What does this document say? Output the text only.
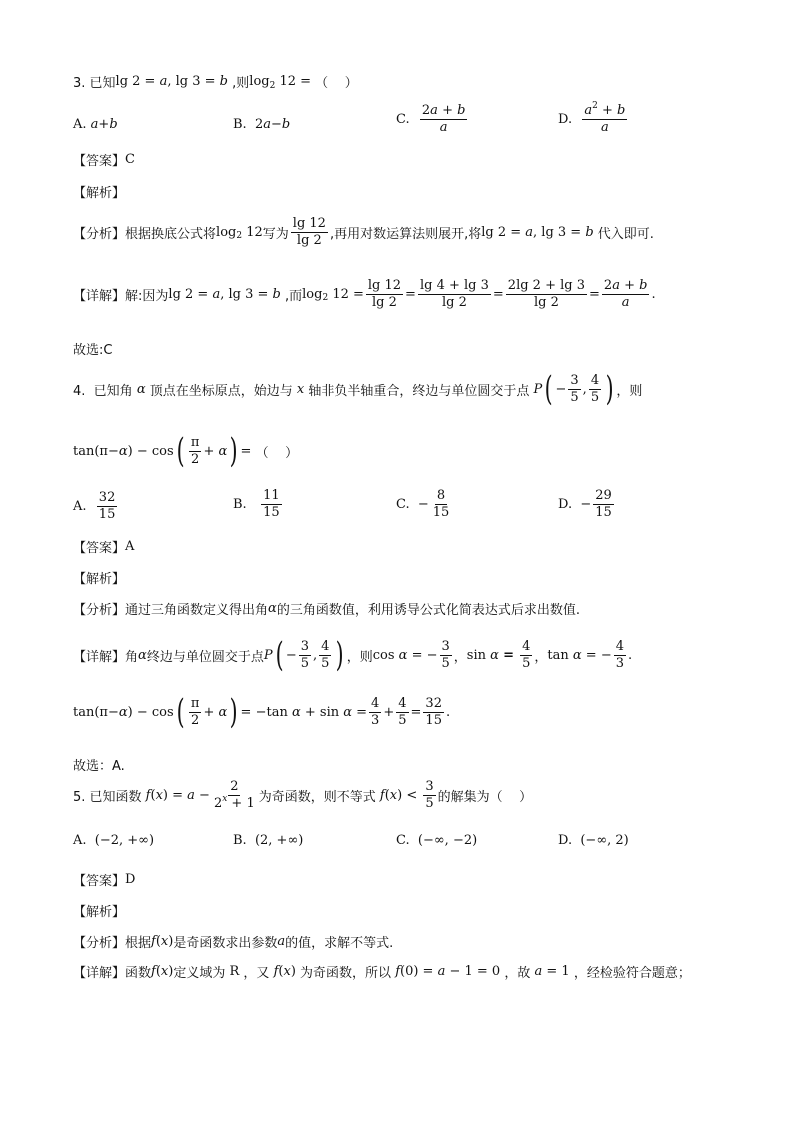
3. 已知 lg 2 = a , lg 3 = b
,则 log 2 12 = （    ）
A. a + b	B.  2 a − b	C. $\frac{2a + b}{a}$	D. $\frac{a^2 + b}{a}$
【答案】 C
【解析】
【分析】 根据换底公式将 log 2 12 写为 $\frac{\lg 12}{\lg 2}$ ,再用对数运算法则展开,将 lg 2 = a , lg 3 = b
代入即可.
【详解】 解:因为 lg 2 = a , lg 3 = b
,而 log 2 $12 = \frac{\lg 12}{\lg 2} = \frac{\lg 4 + \lg 3}{\lg 2} = \frac{2\lg 2 + \lg 3}{\lg 2} = \frac{2a + b}{a}$ .
故选:C
4.  已知角 α 顶点在坐标原点，始边与 x 轴非负半轴重合，终边与单位圆交于点 P ( − $\frac{3}{5}$ , $\frac{4}{5}$ ) ，则
tan(π− α ) − cos ( $\frac{\pi}{2} + \alpha$ ) = （    ）
A. $\frac{32}{15}$	B. $\frac{11}{15}$	C.  − $\frac{8}{15}$	D.  − $\frac{29}{15}$
【答案】 A
【解析】
【分析】 通过三角函数定义得出角 α 的三角函数值，利用诱导公式化简表达式后求出数值.
【详解】 角 α 终边与单位圆交于点 P ( − $\frac{3}{5}$ , $\frac{4}{5}$ ) ，则 cos α = − $\frac{3}{5}$ ， sin α
=
$\frac{4}{5}$ ， tan α = − $\frac{4}{3}$ .
tan(π− α ) − cos ( $\frac{\pi}{2} + \alpha$ ) = −tan $\alpha + \sin \alpha = \frac{4}{3} + \frac{4}{5} = \frac{32}{15}$ .
故选：A.
5. 已知函数 f ( x ) = $a - \frac{2}{2^x + 1}$ 为奇函数，则不等式 f ( x ) < $\frac{3}{5}$ 的解集为（    ）
A.  (−2, +∞)	B.  (2, +∞)	C.  (−∞, −2)	D.  (−∞, 2)
【答案】 D
【解析】
【分析】 根据 f ( x ) 是奇函数求出参数 a 的值，求解不等式.
【详解】 函数 f ( x ) 定义域为 R ，又
f ( x ) 为奇函数，所以
f (0) = a − 1 = 0 ，故
a = 1 ，经检验符合题意；
